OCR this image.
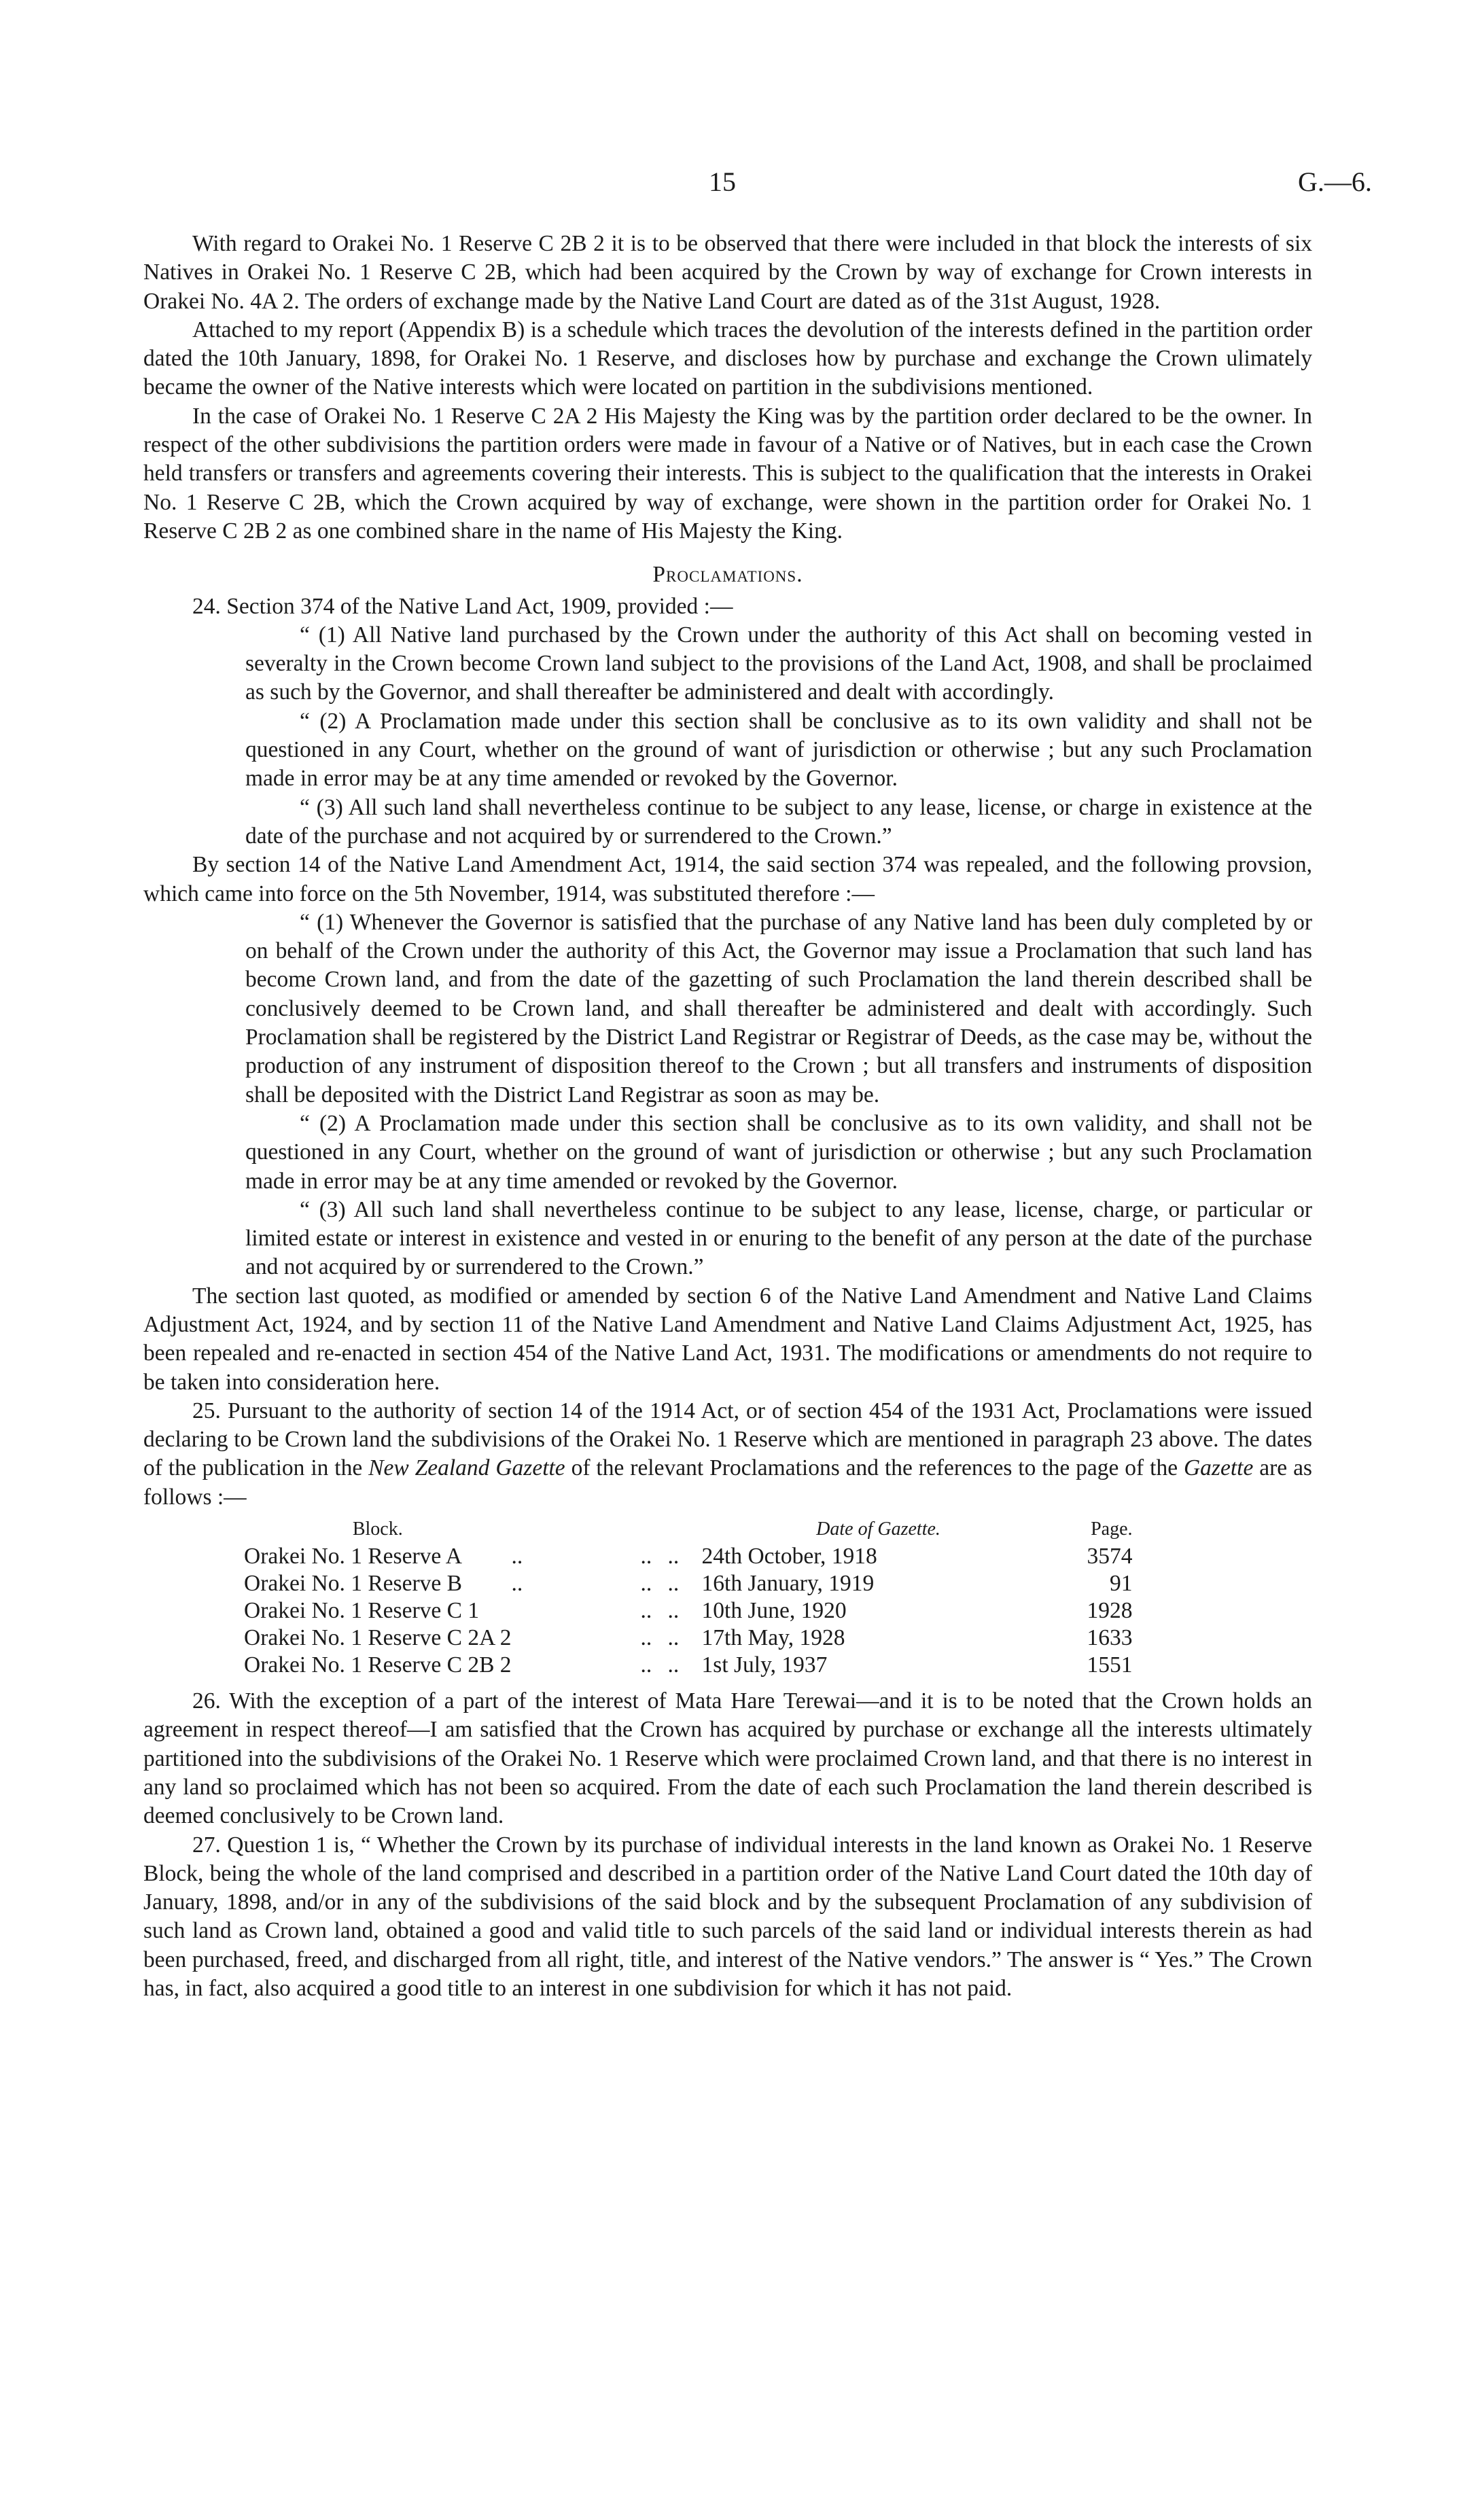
15	G.—6.

With regard to Orakei No. 1 Reserve C 2B 2 it is to be observed that there were included in that block the interests of six Natives in Orakei No. 1 Reserve C 2B, which had been acquired by the Crown by way of exchange for Crown interests in Orakei No. 4A 2. The orders of exchange made by the Native Land Court are dated as of the 31st August, 1928.

Attached to my report (Appendix B) is a schedule which traces the devolution of the interests defined in the partition order dated the 10th January, 1898, for Orakei No. 1 Reserve, and discloses how by purchase and exchange the Crown ulimately became the owner of the Native interests which were located on partition in the subdivisions mentioned.

In the case of Orakei No. 1 Reserve C 2A 2 His Majesty the King was by the partition order declared to be the owner. In respect of the other subdivisions the partition orders were made in favour of a Native or of Natives, but in each case the Crown held transfers or transfers and agreements covering their interests. This is subject to the qualification that the interests in Orakei No. 1 Reserve C 2B, which the Crown acquired by way of exchange, were shown in the partition order for Orakei No. 1 Reserve C 2B 2 as one combined share in the name of His Majesty the King.

Proclamations.

24. Section 374 of the Native Land Act, 1909, provided :—

“ (1) All Native land purchased by the Crown under the authority of this Act shall on becoming vested in severalty in the Crown become Crown land subject to the provisions of the Land Act, 1908, and shall be proclaimed as such by the Governor, and shall thereafter be administered and dealt with accordingly.

“ (2) A Proclamation made under this section shall be conclusive as to its own validity and shall not be questioned in any Court, whether on the ground of want of jurisdiction or otherwise ; but any such Proclamation made in error may be at any time amended or revoked by the Governor.

“ (3) All such land shall nevertheless continue to be subject to any lease, license, or charge in existence at the date of the purchase and not acquired by or surrendered to the Crown.”

By section 14 of the Native Land Amendment Act, 1914, the said section 374 was repealed, and the following provsion, which came into force on the 5th November, 1914, was substituted therefore :—

“ (1) Whenever the Governor is satisfied that the purchase of any Native land has been duly completed by or on behalf of the Crown under the authority of this Act, the Governor may issue a Proclamation that such land has become Crown land, and from the date of the gazetting of such Proclamation the land therein described shall be conclusively deemed to be Crown land, and shall thereafter be administered and dealt with accordingly. Such Proclamation shall be registered by the District Land Registrar or Registrar of Deeds, as the case may be, without the production of any instrument of disposition thereof to the Crown ; but all transfers and instruments of disposition shall be deposited with the District Land Registrar as soon as may be.

“ (2) A Proclamation made under this section shall be conclusive as to its own validity, and shall not be questioned in any Court, whether on the ground of want of jurisdiction or otherwise ; but any such Proclamation made in error may be at any time amended or revoked by the Governor.

“ (3) All such land shall nevertheless continue to be subject to any lease, license, charge, or particular or limited estate or interest in existence and vested in or enuring to the benefit of any person at the date of the purchase and not acquired by or surrendered to the Crown.”

The section last quoted, as modified or amended by section 6 of the Native Land Amendment and Native Land Claims Adjustment Act, 1924, and by section 11 of the Native Land Amendment and Native Land Claims Adjustment Act, 1925, has been repealed and re-enacted in section 454 of the Native Land Act, 1931. The modifications or amendments do not require to be taken into consideration here.

25. Pursuant to the authority of section 14 of the 1914 Act, or of section 454 of the 1931 Act, Proclamations were issued declaring to be Crown land the subdivisions of the Orakei No. 1 Reserve which are mentioned in paragraph 23 above. The dates of the publication in the New Zealand Gazette of the relevant Proclamations and the references to the page of the Gazette are as follows :—

Block.			Date of Gazette.	Page.
Orakei No. 1 Reserve A	..	..	..24th October, 1918	3574
Orakei No. 1 Reserve B	..	..	..16th January, 1919	91
Orakei No. 1 Reserve C 1		..	..10th June, 1920	1928
Orakei No. 1 Reserve C 2A 2		..	..17th May, 1928	1633
Orakei No. 1 Reserve C 2B 2		..	..1st July, 1937	1551

26. With the exception of a part of the interest of Mata Hare Terewai—and it is to be noted that the Crown holds an agreement in respect thereof—I am satisfied that the Crown has acquired by purchase or exchange all the interests ultimately partitioned into the subdivisions of the Orakei No. 1 Reserve which were proclaimed Crown land, and that there is no interest in any land so proclaimed which has not been so acquired. From the date of each such Proclamation the land therein described is deemed conclusively to be Crown land.

27. Question 1 is, “ Whether the Crown by its purchase of individual interests in the land known as Orakei No. 1 Reserve Block, being the whole of the land comprised and described in a partition order of the Native Land Court dated the 10th day of January, 1898, and/or in any of the subdivisions of the said block and by the subsequent Proclamation of any subdivision of such land as Crown land, obtained a good and valid title to such parcels of the said land or individual interests therein as had been purchased, freed, and discharged from all right, title, and interest of the Native vendors.” The answer is “ Yes.” The Crown has, in fact, also acquired a good title to an interest in one subdivision for which it has not paid.
